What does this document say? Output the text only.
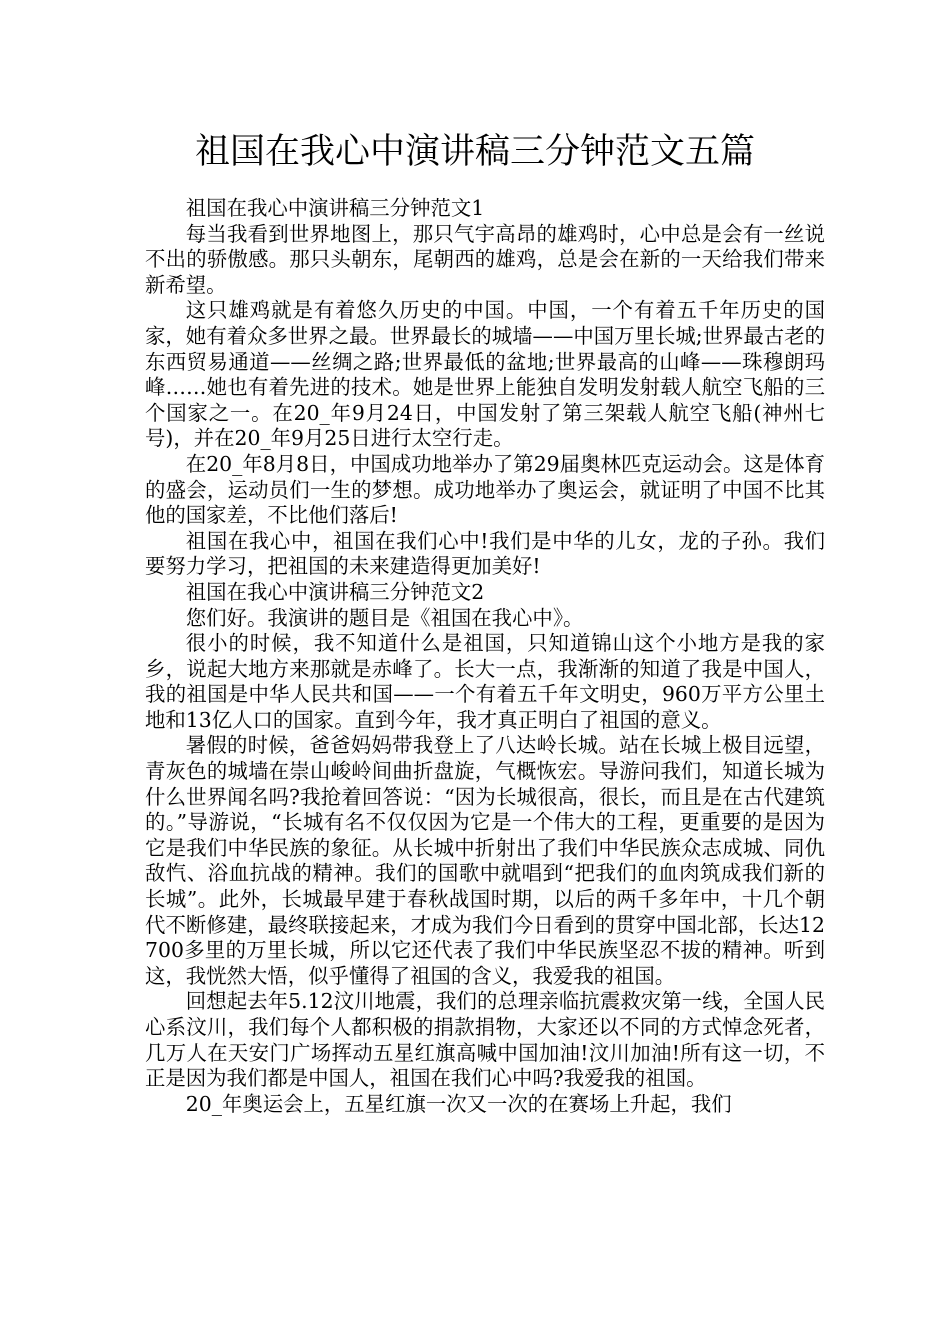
祖国在我心中演讲稿三分钟范文五篇

祖国在我心中演讲稿三分钟范文1

每当我看到世界地图上，那只气宇高昂的雄鸡时，心中总是会有一丝说不出的骄傲感。那只头朝东，尾朝西的雄鸡，总是会在新的一天给我们带来新希望。

这只雄鸡就是有着悠久历史的中国。中国，一个有着五千年历史的国家，她有着众多世界之最。世界最长的城墙——中国万里长城;世界最古老的东西贸易通道——丝绸之路;世界最低的盆地;世界最高的山峰——珠穆朗玛峰……她也有着先进的技术。她是世界上能独自发明发射载人航空飞船的三个国家之一。在20_年9月24日，中国发射了第三架载人航空飞船(神州七号)，并在20_年9月25日进行太空行走。

在20_年8月8日，中国成功地举办了第29届奥林匹克运动会。这是体育的盛会，运动员们一生的梦想。成功地举办了奥运会，就证明了中国不比其他的国家差，不比他们落后!

祖国在我心中，祖国在我们心中!我们是中华的儿女，龙的子孙。我们要努力学习，把祖国的未来建造得更加美好!

祖国在我心中演讲稿三分钟范文2

您们好。我演讲的题目是《祖国在我心中》。

很小的时候，我不知道什么是祖国，只知道锦山这个小地方是我的家乡，说起大地方来那就是赤峰了。长大一点，我渐渐的知道了我是中国人，我的祖国是中华人民共和国——一个有着五千年文明史，960万平方公里土地和13亿人口的国家。直到今年，我才真正明白了祖国的意义。

暑假的时候，爸爸妈妈带我登上了八达岭长城。站在长城上极目远望，青灰色的城墙在崇山峻岭间曲折盘旋，气概恢宏。导游问我们，知道长城为什么世界闻名吗?我抢着回答说：“因为长城很高，很长，而且是在古代建筑的。”导游说，“长城有名不仅仅因为它是一个伟大的工程，更重要的是因为它是我们中华民族的象征。从长城中折射出了我们中华民族众志成城、同仇敌忾、浴血抗战的精神。我们的国歌中就唱到“把我们的血肉筑成我们新的长城”。此外，长城最早建于春秋战国时期，以后的两千多年中，十几个朝代不断修建，最终联接起来，才成为我们今日看到的贯穿中国北部，长达12700多里的万里长城，所以它还代表了我们中华民族坚忍不拔的精神。听到这，我恍然大悟，似乎懂得了祖国的含义，我爱我的祖国。

回想起去年5.12汶川地震，我们的总理亲临抗震救灾第一线，全国人民心系汶川，我们每个人都积极的捐款捐物，大家还以不同的方式悼念死者，几万人在天安门广场挥动五星红旗高喊中国加油!汶川加油!所有这一切，不正是因为我们都是中国人，祖国在我们心中吗?我爱我的祖国。

20_年奥运会上，五星红旗一次又一次的在赛场上升起，我们
